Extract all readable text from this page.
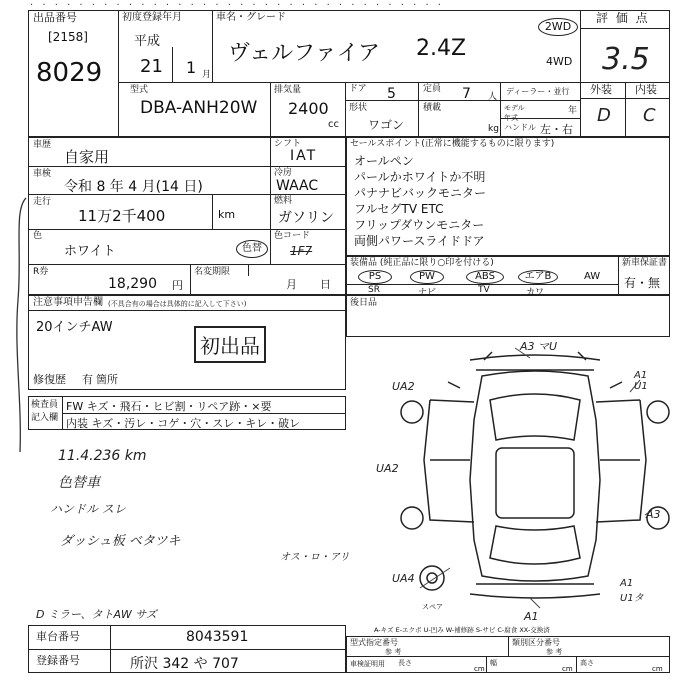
· · · · · · · · · · · · · · · · · · · · · · · · · · · · · · · · · ·
出品番号
[2158]
8029
初度登録年月
平成
21 1 月
車名・グレード
ヴェルファイア 2.4Z
2WD
4WD
評 価 点
3.5
外装 内装
D C
型式
DBA-ANH20W
排気量
2400
cc
ドア 5	定員 7 人
形状
ワゴン
積載
kg
ディーラー・並行
モデル年式
年
ハンドル 左・右
車歴
自家用
シフト
IAT
車検
令和 8 年 4 月(14 日)
冷房
WAAC
走行
11万2千400	km
燃料
ガソリン
色
ホワイト	色替
色コード
1F7
R券
18,290 円
名変期限
月 日
セールスポイント(正常に機能するものに限ります)
オールペン
パールかホワイトか不明
パナナビバックモニター
フルセグTV ETC
フリップダウンモニター
両側パワースライドドア
装備品 (純正品に限り○印を付ける)	新車保証書
有・無
PS	PW	ABS	エアB	AW
SR	ナビ	TV	カワ
後日品
注意事項申告欄 (不具合有の場合は具体的に記入して下さい)
20インチAW
初出品
修復歴 有 箇所
検査員
記入欄
FW キズ・飛石・ヒビ割・リペア跡・×要
内装 キズ・汚レ・コゲ・穴・スレ・キレ・破レ
11.4.236 km
色替車
ハンドル スレ
ダッシュ板 ベタツキ
オス・ロ・アリ
D ミラー、タトAW サズ
A3 マU
UA2
UA2
A1 U1
A3
UA4	A1 U1タ
A1
スペア
A-キズ E-エクボ U-凹み W-補修跡 S-サビ C-腐食 XX-交換済
車台番号	8043591
登録番号	所沢 342 や 707
型式指定番号
参 考
類別区分番号
参 考
車検証明用 長さ
cm
幅
cm
高さ
cm
